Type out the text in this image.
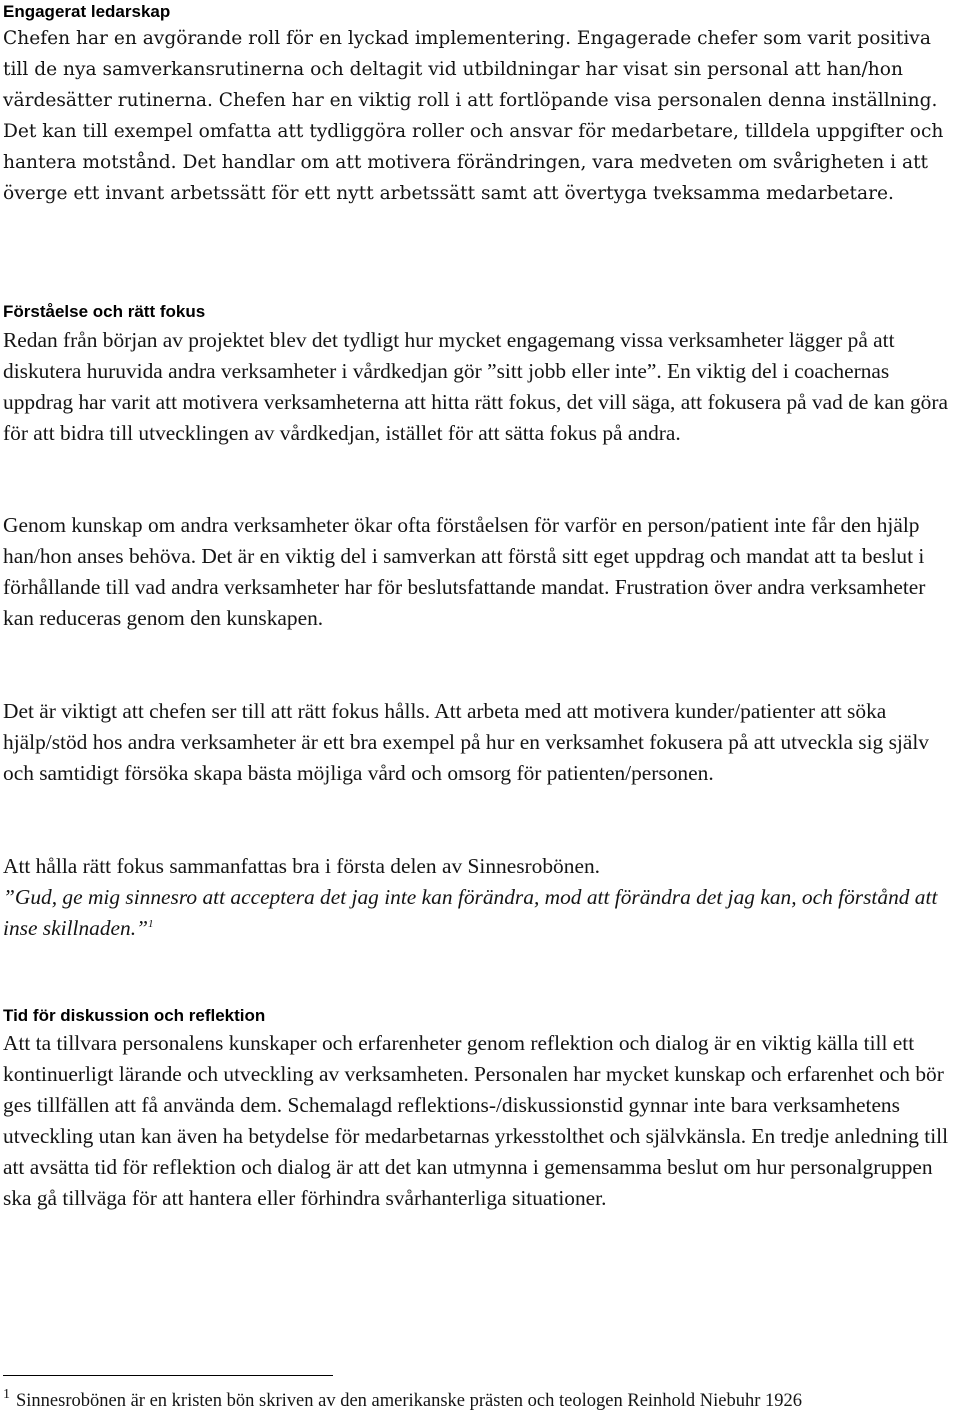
Engagerat ledarskap

Chefen har en avgörande roll för en lyckad implementering. Engagerade chefer som varit positiva till de nya samverkansrutinerna och deltagit vid utbildningar har visat sin personal att han/hon värdesätter rutinerna. Chefen har en viktig roll i att fortlöpande visa personalen denna inställning. Det kan till exempel omfatta att tydliggöra roller och ansvar för medarbetare, tilldela uppgifter och hantera motstånd. Det handlar om att motivera förändringen, vara medveten om svårigheten i att överge ett invant arbetssätt för ett nytt arbetssätt samt att övertyga tveksamma medarbetare.

Förståelse och rätt fokus

Redan från början av projektet blev det tydligt hur mycket engagemang vissa verksamheter lägger på att diskutera huruvida andra verksamheter i vårdkedjan gör ”sitt jobb eller inte”. En viktig del i coachernas uppdrag har varit att motivera verksamheterna att hitta rätt fokus, det vill säga, att fokusera på vad de kan göra för att bidra till utvecklingen av vårdkedjan, istället för att sätta fokus på andra.

Genom kunskap om andra verksamheter ökar ofta förståelsen för varför en person/patient inte får den hjälp han/hon anses behöva. Det är en viktig del i samverkan att förstå sitt eget uppdrag och mandat att ta beslut i förhållande till vad andra verksamheter har för beslutsfattande mandat. Frustration över andra verksamheter kan reduceras genom den kunskapen.

Det är viktigt att chefen ser till att rätt fokus hålls. Att arbeta med att motivera kunder/patienter att söka hjälp/stöd hos andra verksamheter är ett bra exempel på hur en verksamhet fokusera på att utveckla sig själv och samtidigt försöka skapa bästa möjliga vård och omsorg för patienten/personen.

Att hålla rätt fokus sammanfattas bra i första delen av Sinnesrobönen.

”Gud, ge mig sinnesro att acceptera det jag inte kan förändra, mod att förändra det jag kan, och förstånd att inse skillnaden.”$^1$

Tid för diskussion och reflektion

Att ta tillvara personalens kunskaper och erfarenheter genom reflektion och dialog är en viktig källa till ett kontinuerligt lärande och utveckling av verksamheten. Personalen har mycket kunskap och erfarenhet och bör ges tillfällen att få använda dem. Schemalagd reflektions-/diskussionstid gynnar inte bara verksamhetens utveckling utan kan även ha betydelse för medarbetarnas yrkesstolthet och självkänsla. En tredje anledning till att avsätta tid för reflektion och dialog är att det kan utmynna i gemensamma beslut om hur personalgruppen ska gå tillväga för att hantera eller förhindra svårhanterliga situationer.

$^1$ Sinnesrobönen är en kristen bön skriven av den amerikanske prästen och teologen Reinhold Niebuhr 1926
